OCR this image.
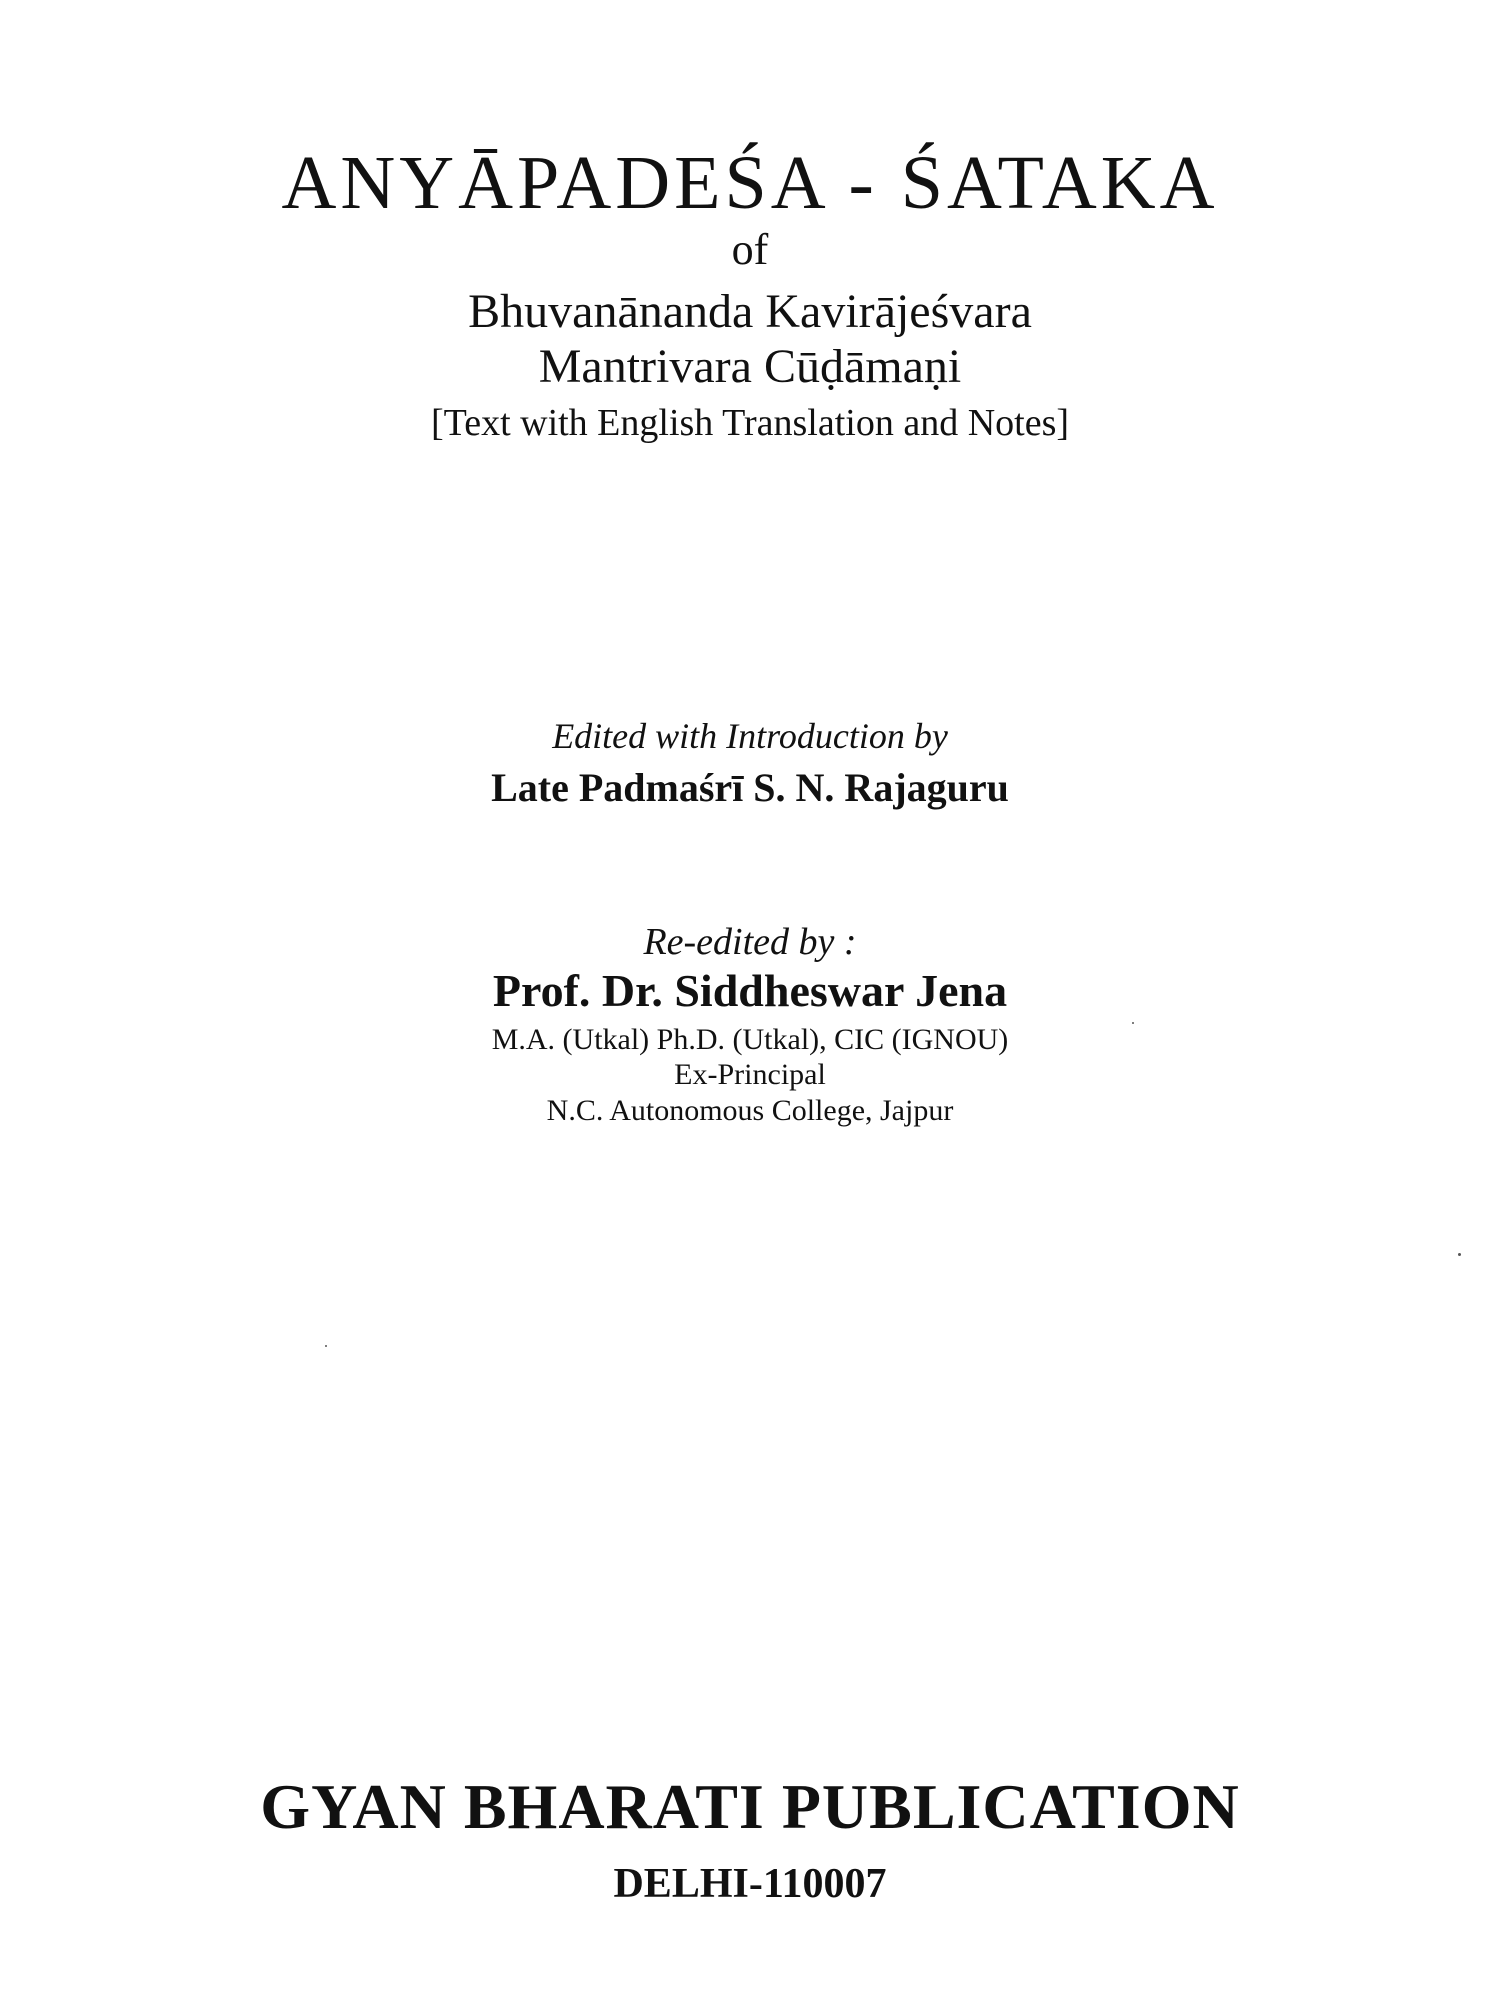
ANYĀPADEŚA - ŚATAKA
of
Bhuvanānanda Kavirājeśvara
Mantrivara Cūḍāmaṇi
[Text with English Translation and Notes]
Edited with Introduction by
Late Padmaśrī S. N. Rajaguru
Re-edited by :
Prof. Dr. Siddheswar Jena
M.A. (Utkal) Ph.D. (Utkal), CIC (IGNOU)
Ex-Principal
N.C. Autonomous College, Jajpur
GYAN BHARATI PUBLICATION
DELHI-110007
